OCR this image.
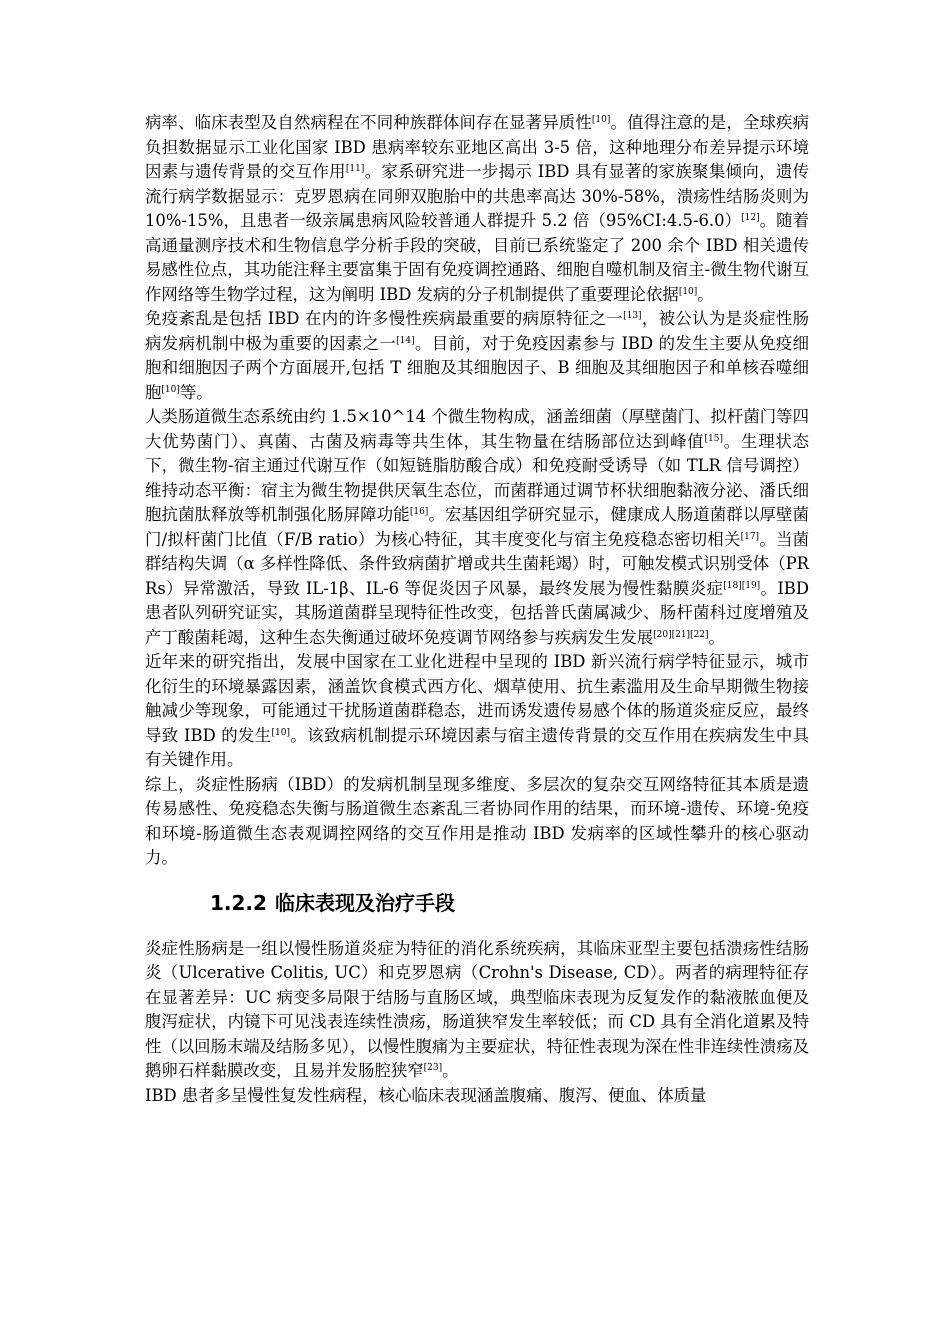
病率、临床表型及自然病程在不同种族群体间存在显著异质性[10]。值得注意的是，全球疾病负担数据显示工业化国家 IBD 患病率较东亚地区高出 3-5 倍，这种地理分布差异提示环境因素与遗传背景的交互作用[11]。家系研究进一步揭示 IBD 具有显著的家族聚集倾向，遗传流行病学数据显示：克罗恩病在同卵双胞胎中的共患率高达 30%-58%，溃疡性结肠炎则为 10%-15%，且患者一级亲属患病风险较普通人群提升 5.2 倍（95%CI:4.5-6.0）[12]。随着高通量测序技术和生物信息学分析手段的突破，目前已系统鉴定了 200 余个 IBD 相关遗传易感性位点，其功能注释主要富集于固有免疫调控通路、细胞自噬机制及宿主-微生物代谢互作网络等生物学过程，这为阐明 IBD 发病的分子机制提供了重要理论依据[10]。

免疫紊乱是包括 IBD 在内的许多慢性疾病最重要的病原特征之一[13]，被公认为是炎症性肠病发病机制中极为重要的因素之一[14]。目前，对于免疫因素参与 IBD 的发生主要从免疫细胞和细胞因子两个方面展开,包括 T 细胞及其细胞因子、B 细胞及其细胞因子和单核吞噬细胞[10]等。

人类肠道微生态系统由约 1.5×10^14 个微生物构成，涵盖细菌（厚壁菌门、拟杆菌门等四大优势菌门）、真菌、古菌及病毒等共生体，其生物量在结肠部位达到峰值[15]。生理状态下，微生物-宿主通过代谢互作（如短链脂肪酸合成）和免疫耐受诱导（如 TLR 信号调控）维持动态平衡：宿主为微生物提供厌氧生态位，而菌群通过调节杯状细胞黏液分泌、潘氏细胞抗菌肽释放等机制强化肠屏障功能[16]。宏基因组学研究显示，健康成人肠道菌群以厚壁菌门/拟杆菌门比值（F/B ratio）为核心特征，其丰度变化与宿主免疫稳态密切相关[17]。当菌群结构失调（α 多样性降低、条件致病菌扩增或共生菌耗竭）时，可触发模式识别受体（PRRs）异常激活，导致 IL-1β、IL-6 等促炎因子风暴，最终发展为慢性黏膜炎症[18][19]。IBD 患者队列研究证实，其肠道菌群呈现特征性改变，包括普氏菌属减少、肠杆菌科过度增殖及产丁酸菌耗竭，这种生态失衡通过破坏免疫调节网络参与疾病发生发展[20][21][22]。

近年来的研究指出，发展中国家在工业化进程中呈现的 IBD 新兴流行病学特征显示，城市化衍生的环境暴露因素，涵盖饮食模式西方化、烟草使用、抗生素滥用及生命早期微生物接触减少等现象，可能通过干扰肠道菌群稳态，进而诱发遗传易感个体的肠道炎症反应，最终导致 IBD 的发生[10]。该致病机制提示环境因素与宿主遗传背景的交互作用在疾病发生中具有关键作用。

综上，炎症性肠病（IBD）的发病机制呈现多维度、多层次的复杂交互网络特征其本质是遗传易感性、免疫稳态失衡与肠道微生态紊乱三者协同作用的结果，而环境-遗传、环境-免疫和环境-肠道微生态表观调控网络的交互作用是推动 IBD 发病率的区域性攀升的核心驱动力。

1.2.2 临床表现及治疗手段

炎症性肠病是一组以慢性肠道炎症为特征的消化系统疾病，其临床亚型主要包括溃疡性结肠炎（Ulcerative Colitis, UC）和克罗恩病（Crohn's Disease, CD）。两者的病理特征存在显著差异：UC 病变多局限于结肠与直肠区域，典型临床表现为反复发作的黏液脓血便及腹泻症状，内镜下可见浅表连续性溃疡，肠道狭窄发生率较低；而 CD 具有全消化道累及特性（以回肠末端及结肠多见），以慢性腹痛为主要症状，特征性表现为深在性非连续性溃疡及鹅卵石样黏膜改变，且易并发肠腔狭窄[23]。

IBD 患者多呈慢性复发性病程，核心临床表现涵盖腹痛、腹泻、便血、体质量
